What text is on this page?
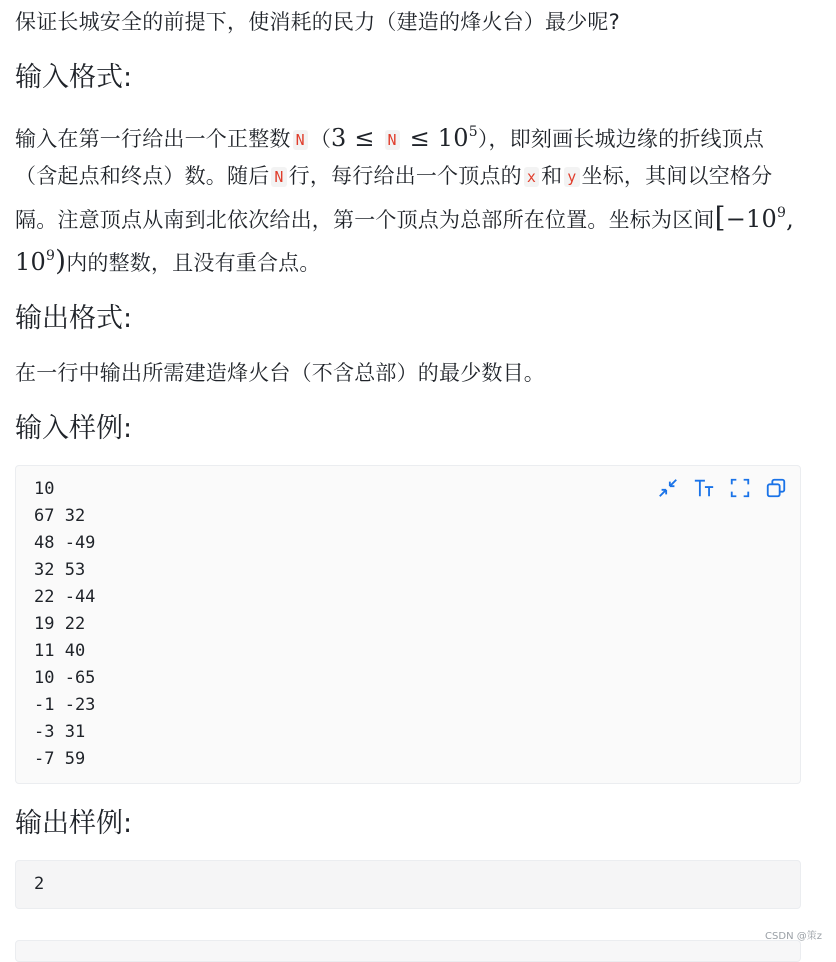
保证长城安全的前提下，使消耗的民力（建造的烽火台）最少呢?

输入格式:

输入在第一行给出一个正整数 N $(3 \le N \le 10^5)$，即刻画长城边缘的折线顶点（含起点和终点）数。随后 N 行，每行给出一个顶点的 x 和 y 坐标，其间以空格分隔。注意顶点从南到北依次给出，第一个顶点为总部所在位置。坐标为区间[$-10^9$, $10^9$)内的整数，且没有重合点。

输出格式:

在一行中输出所需建造烽火台（不含总部）的最少数目。

输入样例:
10
67 32
48 -49
32 53
22 -44
19 22
11 40
10 -65
-1 -23
-3 31
-7 59
输出样例:
2
CSDN @策z
